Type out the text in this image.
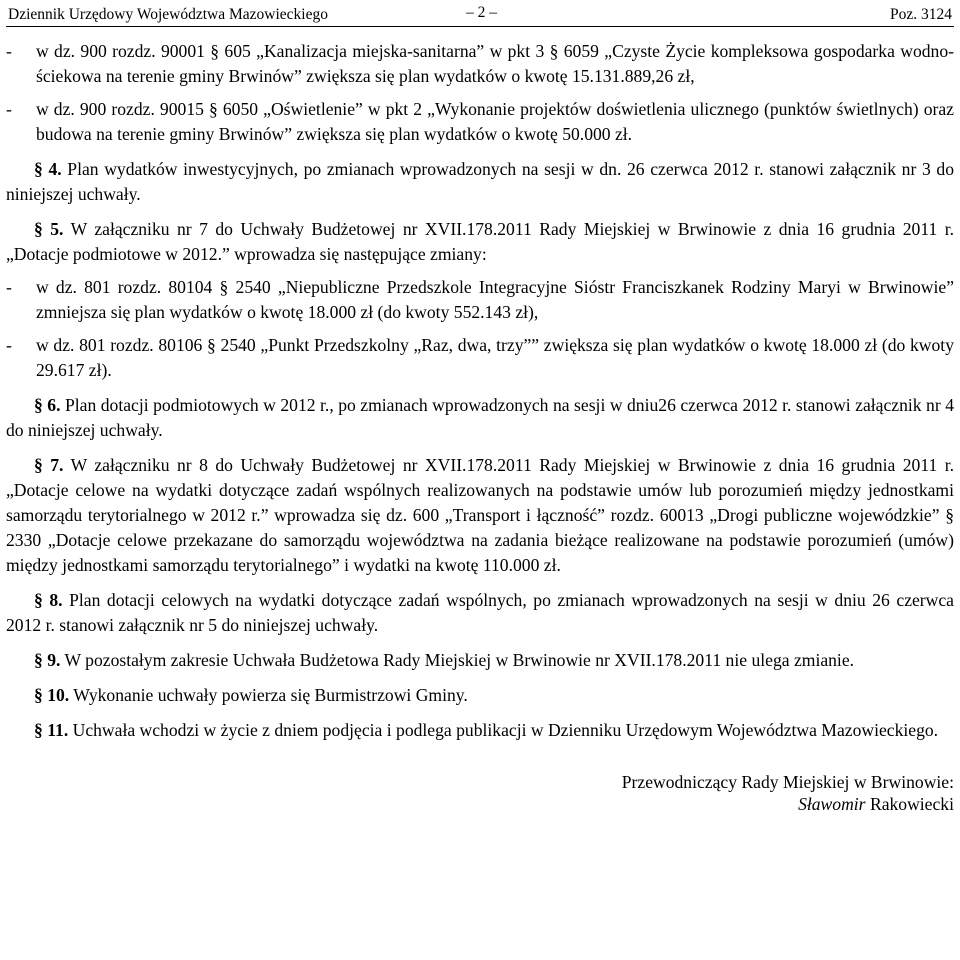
Dziennik Urzędowy Województwa Mazowieckiego	– 2 –	Poz. 3124
-	w dz. 900 rozdz. 90001 § 605 „Kanalizacja miejska-sanitarna” w pkt 3 § 6059 „Czyste Życie kompleksowa gospodarka wodno-ściekowa na terenie gminy Brwinów” zwiększa się plan wydatków o kwotę 15.131.889,26 zł,
-	w dz. 900 rozdz. 90015 § 6050 „Oświetlenie” w pkt 2 „Wykonanie projektów doświetlenia ulicznego (punktów świetlnych) oraz budowa na terenie gminy Brwinów” zwiększa się plan wydatków o kwotę 50.000 zł.
§ 4. Plan wydatków inwestycyjnych, po zmianach wprowadzonych na sesji w dn. 26 czerwca 2012 r. stanowi załącznik nr 3 do niniejszej uchwały.
§ 5. W załączniku nr 7 do Uchwały Budżetowej nr XVII.178.2011 Rady Miejskiej w Brwinowie z dnia 16 grudnia 2011 r. „Dotacje podmiotowe w 2012.” wprowadza się następujące zmiany:
-	w dz. 801 rozdz. 80104 § 2540 „Niepubliczne Przedszkole Integracyjne Sióstr Franciszkanek Rodziny Maryi w Brwinowie” zmniejsza się plan wydatków o kwotę 18.000 zł (do kwoty 552.143 zł),
-	w dz. 801 rozdz. 80106 § 2540 „Punkt Przedszkolny „Raz, dwa, trzy”” zwiększa się plan wydatków o kwotę 18.000 zł (do kwoty 29.617 zł).
§ 6. Plan dotacji podmiotowych w 2012 r., po zmianach wprowadzonych na sesji w dniu26 czerwca 2012 r. stanowi załącznik nr 4 do niniejszej uchwały.
§ 7. W załączniku nr 8 do Uchwały Budżetowej nr XVII.178.2011 Rady Miejskiej w Brwinowie z dnia 16 grudnia 2011 r. „Dotacje celowe na wydatki dotyczące zadań wspólnych realizowanych na podstawie umów lub porozumień między jednostkami samorządu terytorialnego w 2012 r.” wprowadza się dz. 600 „Transport i łączność” rozdz. 60013 „Drogi publiczne wojewódzkie” § 2330 „Dotacje celowe przekazane do samorządu województwa na zadania bieżące realizowane na podstawie porozumień (umów) między jednostkami samorządu terytorialnego” i wydatki na kwotę 110.000 zł.
§ 8. Plan dotacji celowych na wydatki dotyczące zadań wspólnych, po zmianach wprowadzonych na sesji w dniu 26 czerwca 2012 r. stanowi załącznik nr 5 do niniejszej uchwały.
§ 9. W pozostałym zakresie Uchwała Budżetowa Rady Miejskiej w Brwinowie nr XVII.178.2011 nie ulega zmianie.
§ 10. Wykonanie uchwały powierza się Burmistrzowi Gminy.
§ 11. Uchwała wchodzi w życie z dniem podjęcia i podlega publikacji w Dzienniku Urzędowym Województwa Mazowieckiego.
Przewodniczący Rady Miejskiej w Brwinowie:
Sławomir Rakowiecki
